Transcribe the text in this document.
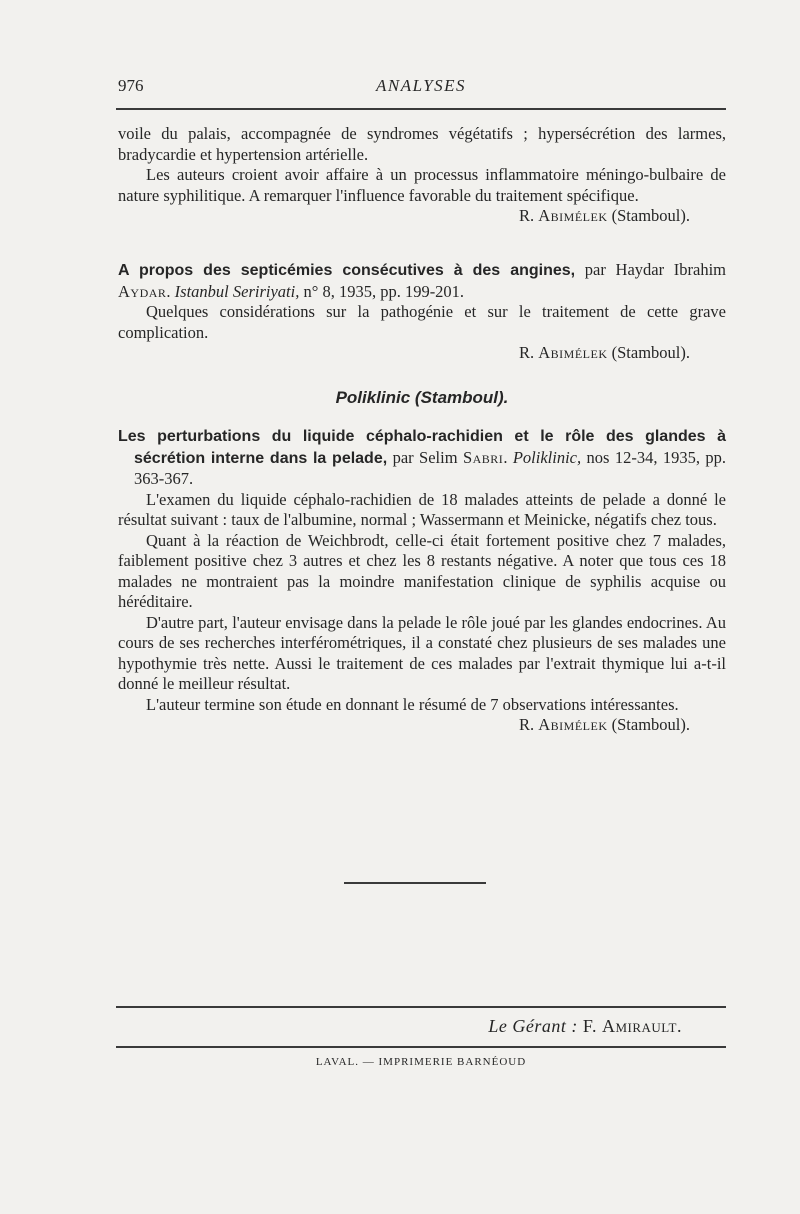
976	ANALYSES

voile du palais, accompagnée de syndromes végétatifs ; hypersécrétion des larmes, bradycardie et hypertension artérielle.

Les auteurs croient avoir affaire à un processus inflammatoire méningo-bulbaire de nature syphilitique. A remarquer l'influence favorable du traitement spécifique.

R. Abimélek (Stamboul).

A propos des septicémies consécutives à des angines, par Haydar Ibrahim Aydar. Istanbul Seririyati, n° 8, 1935, pp. 199-201.

Quelques considérations sur la pathogénie et sur le traitement de cette grave complication.

R. Abimélek (Stamboul).

Poliklinic (Stamboul).

Les perturbations du liquide céphalo-rachidien et le rôle des glandes à sécrétion interne dans la pelade, par Selim Sabri. Poliklinic, nos 12-34, 1935, pp. 363-367.

L'examen du liquide céphalo-rachidien de 18 malades atteints de pelade a donné le résultat suivant : taux de l'albumine, normal ; Wassermann et Meinicke, négatifs chez tous.

Quant à la réaction de Weichbrodt, celle-ci était fortement positive chez 7 malades, faiblement positive chez 3 autres et chez les 8 restants négative. A noter que tous ces 18 malades ne montraient pas la moindre manifestation clinique de syphilis acquise ou héréditaire.

D'autre part, l'auteur envisage dans la pelade le rôle joué par les glandes endocrines. Au cours de ses recherches interférométriques, il a constaté chez plusieurs de ses malades une hypothymie très nette. Aussi le traitement de ces malades par l'extrait thymique lui a-t-il donné le meilleur résultat.

L'auteur termine son étude en donnant le résumé de 7 observations intéressantes.

R. Abimélek (Stamboul).

Le Gérant : F. Amirault.
LAVAL. — IMPRIMERIE BARNÉOUD
